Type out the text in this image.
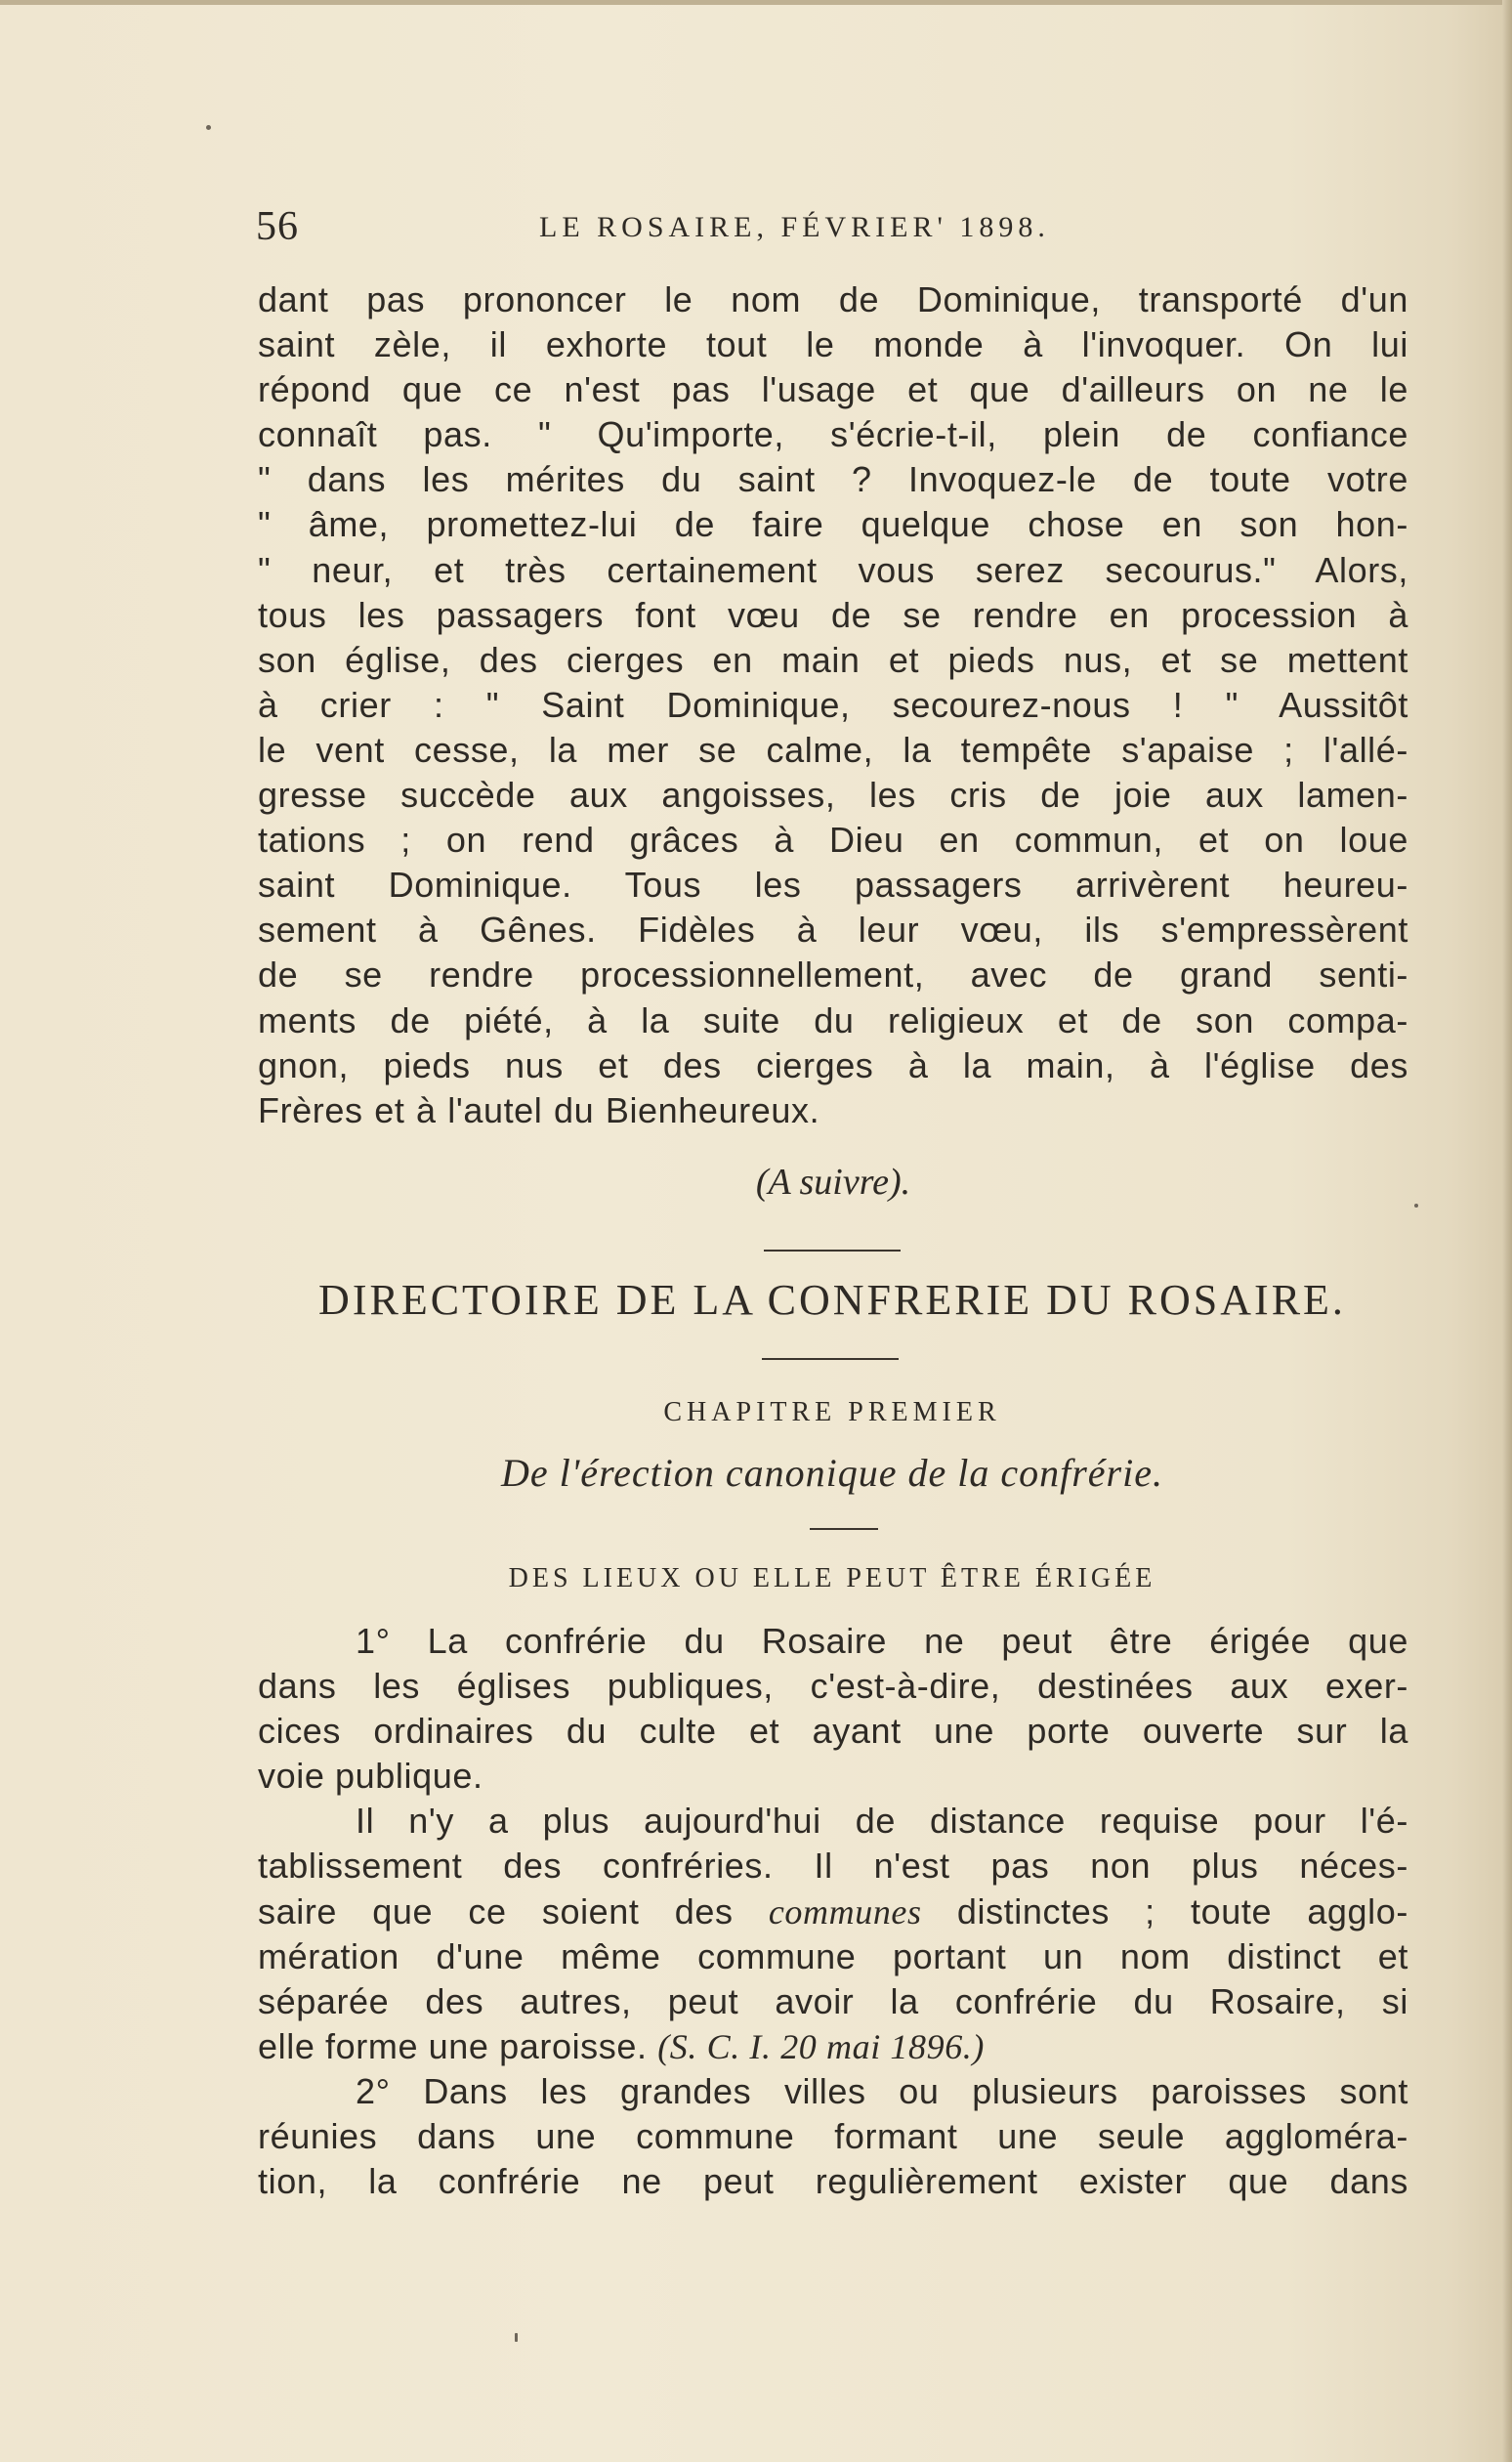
56	LE ROSAIRE, FÉVRIER' 1898.
dant pas prononcer le nom de Dominique, transporté d'un
saint zèle, il exhorte tout le monde à l'invoquer. On lui
répond que ce n'est pas l'usage et que d'ailleurs on ne le
connaît pas. " Qu'importe, s'écrie-t-il, plein de confiance
" dans les mérites du saint ? Invoquez-le de toute votre
" âme, promettez-lui de faire quelque chose en son hon-
" neur, et très certainement vous serez secourus." Alors,
tous les passagers font vœu de se rendre en procession à
son église, des cierges en main et pieds nus, et se mettent
à crier : " Saint Dominique, secourez-nous ! " Aussitôt
le vent cesse, la mer se calme, la tempête s'apaise ; l'allé-
gresse succède aux angoisses, les cris de joie aux lamen-
tations ; on rend grâces à Dieu en commun, et on loue
saint Dominique. Tous les passagers arrivèrent heureu-
sement à Gênes. Fidèles à leur vœu, ils s'empressèrent
de se rendre processionnellement, avec de grand senti-
ments de piété, à la suite du religieux et de son compa-
gnon, pieds nus et des cierges à la main, à l'église des
Frères et à l'autel du Bienheureux.
(A suivre).
DIRECTOIRE DE LA CONFRERIE DU ROSAIRE.
CHAPITRE PREMIER
De l'érection canonique de la confrérie.
DES LIEUX OU ELLE PEUT ÊTRE ÉRIGÉE
1° La confrérie du Rosaire ne peut être érigée que
dans les églises publiques, c'est-à-dire, destinées aux exer-
cices ordinaires du culte et ayant une porte ouverte sur la
voie publique.
Il n'y a plus aujourd'hui de distance requise pour l'é-
tablissement des confréries. Il n'est pas non plus néces-
saire que ce soient des communes distinctes ; toute agglo-
mération d'une même commune portant un nom distinct et
séparée des autres, peut avoir la confrérie du Rosaire, si
elle forme une paroisse. (S. C. I. 20 mai 1896.)
2° Dans les grandes villes ou plusieurs paroisses sont
réunies dans une commune formant une seule aggloméra-
tion, la confrérie ne peut regulièrement exister que dans
